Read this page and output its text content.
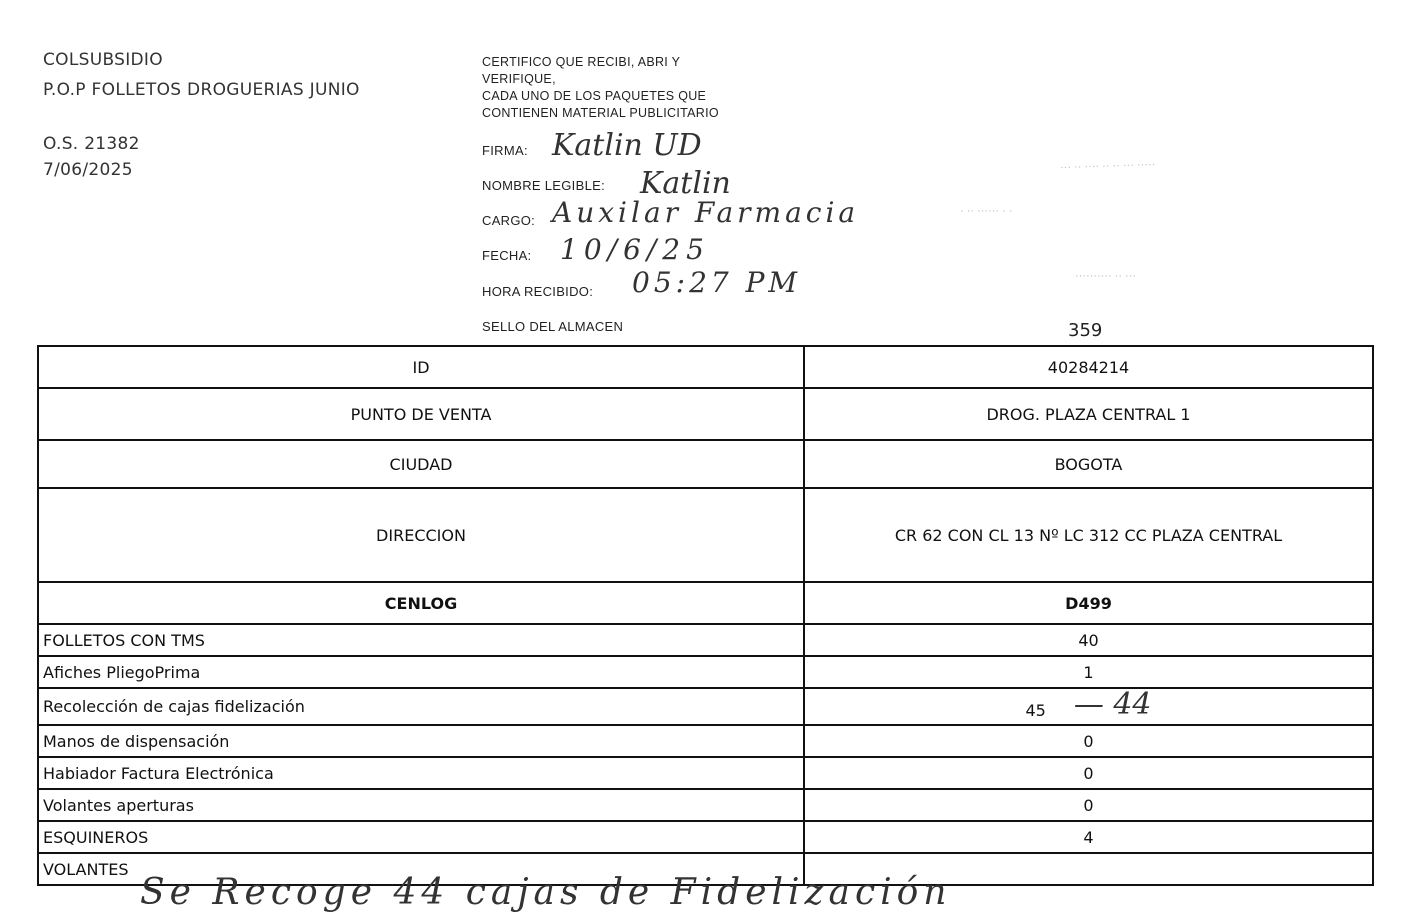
COLSUBSIDIO
P.O.P FOLLETOS DROGUERIAS JUNIO
O.S. 21382
7/06/2025
CERTIFICO QUE RECIBI, ABRI Y
VERIFIQUE,
CADA UNO DE LOS PAQUETES QUE
CONTIENEN MATERIAL PUBLICITARIO
FIRMA: Katlin UD
NOMBRE LEGIBLE: Katlin
CARGO: Auxilar Farmacia
FECHA: 10/6/25
HORA RECIBIDO: 05:27 PM
SELLO DEL ALMACEN	359
··· ·· ···· ·· ·· ··· ·····
· ·· ······ · ·
·········· ·· ···
ID	40284214
PUNTO DE VENTA	DROG. PLAZA CENTRAL 1
CIUDAD	BOGOTA
DIRECCION	CR 62 CON CL 13 Nº LC 312 CC PLAZA CENTRAL
CENLOG	D499
FOLLETOS CON TMS	40
Afiches PliegoPrima	1
Recolección de cajas fidelización	45 — 44
Manos de dispensación	0
Habiador Factura Electrónica	0
Volantes aperturas	0
ESQUINEROS	4
VOLANTES	
Se Recoge 44 cajas de Fidelización
